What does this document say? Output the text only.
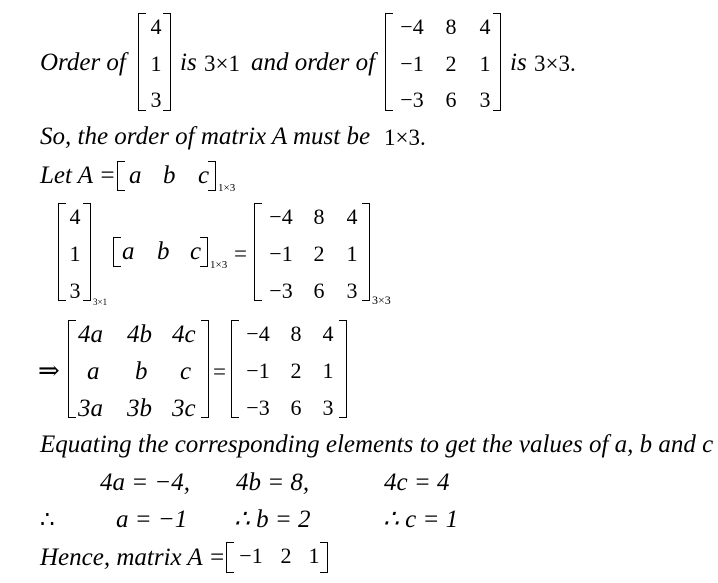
Order of
4
1
3
is 3×1 and order of
−4 8	4
−1 2	1
−3 6	3
is 3×3.
So, the order of matrix A must be 1×3.
Let A = a b c 1×3
4
1
3	3×1
a b c 1×3 =
−4 8	4
−1 2	1
−3 6	3	3×3
⇒
4a 4b 4c
a b c
3a 3b 3c
=
−4 8 4
−1 2 1
−3 6 3
Equating the corresponding elements to get the values of a, b and c
4a = −4, 4b = 8,	4c = 4
∴ a = −1 ∴ b = 2	∴ c = 1
Hence, matrix A = −1 2 1
